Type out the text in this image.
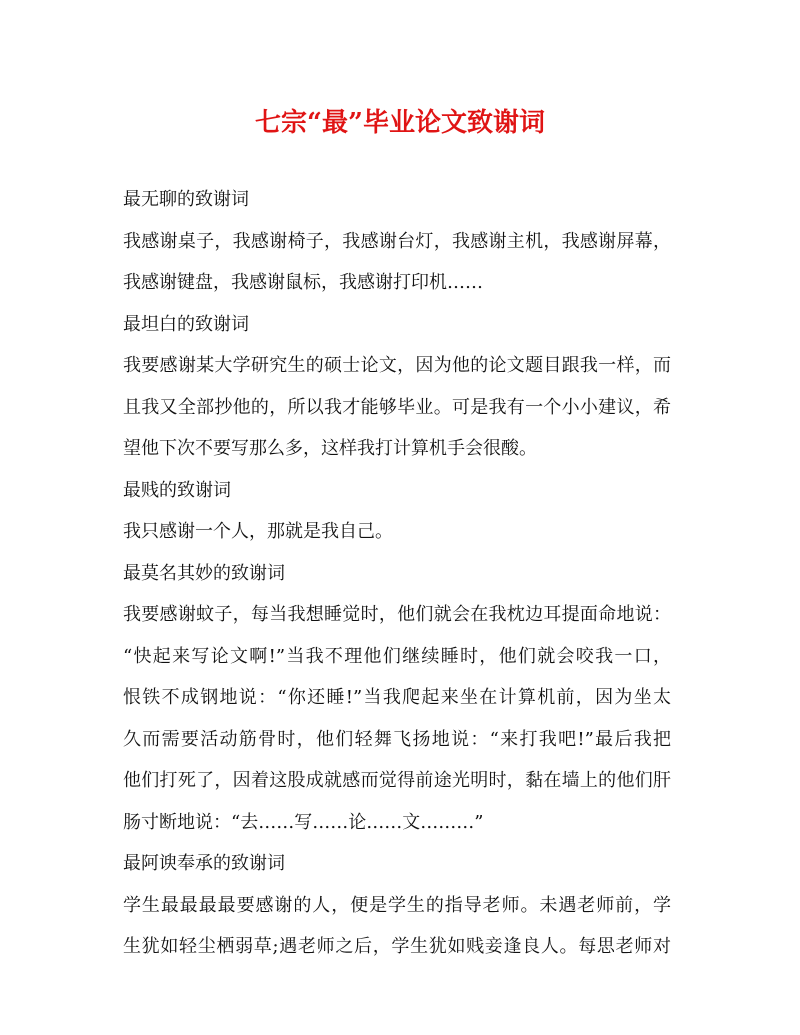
七宗“最”毕业论文致谢词
最无聊的致谢词
我感谢桌子，我感谢椅子，我感谢台灯，我感谢主机，我感谢屏幕，
我感谢键盘，我感谢鼠标，我感谢打印机……
最坦白的致谢词
我要感谢某大学研究生的硕士论文，因为他的论文题目跟我一样，而
且我又全部抄他的，所以我才能够毕业。可是我有一个小小建议，希
望他下次不要写那么多，这样我打计算机手会很酸。
最贱的致谢词
我只感谢一个人，那就是我自己。
最莫名其妙的致谢词
我要感谢蚊子，每当我想睡觉时，他们就会在我枕边耳提面命地说：
“快起来写论文啊!”当我不理他们继续睡时，他们就会咬我一口，
恨铁不成钢地说：“你还睡!”当我爬起来坐在计算机前，因为坐太
久而需要活动筋骨时，他们轻舞飞扬地说：“来打我吧!”最后我把
他们打死了，因着这股成就感而觉得前途光明时，黏在墙上的他们肝
肠寸断地说：“去……写……论……文………”
最阿谀奉承的致谢词
学生最最最最要感谢的人，便是学生的指导老师。未遇老师前，学
生犹如轻尘栖弱草;遇老师之后，学生犹如贱妾逢良人。每思老师对
